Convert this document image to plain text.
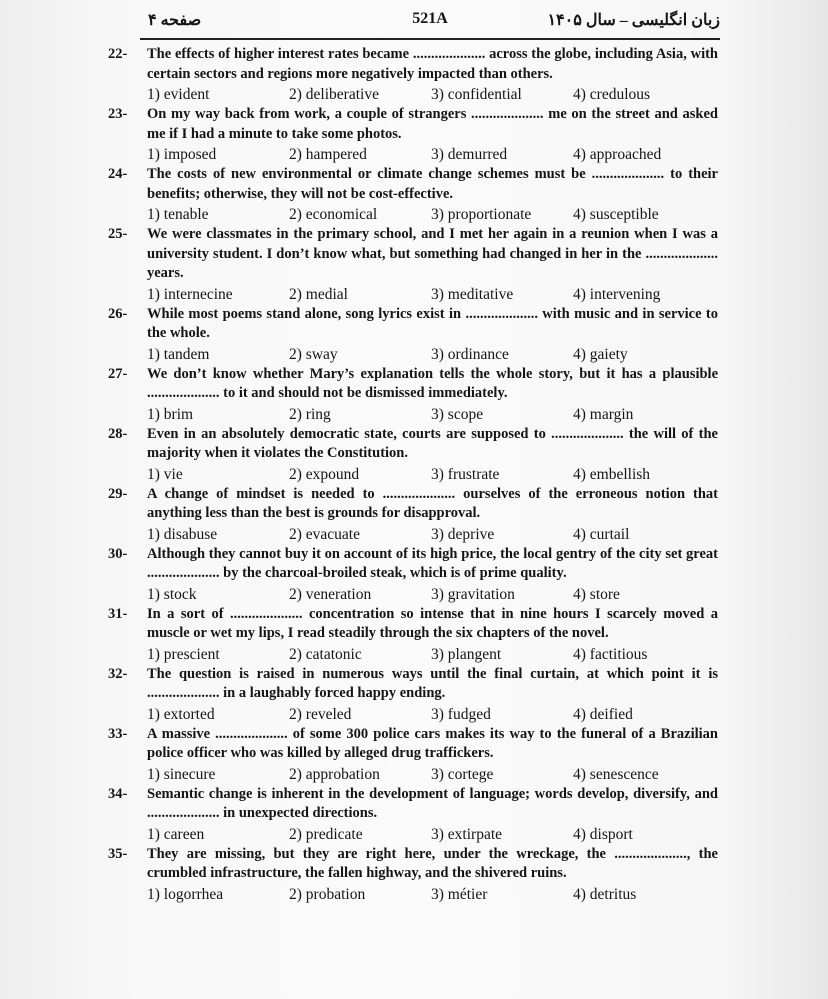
صفحه ۴	521A	زبان انگلیسی – سال ۱۴۰۵
22- The effects of higher interest rates became .................... across the globe, including Asia, with certain sectors and regions more negatively impacted than others.
1) evident	2) deliberative	3) confidential	4) credulous
23- On my way back from work, a couple of strangers .................... me on the street and asked me if I had a minute to take some photos.
1) imposed	2) hampered	3) demurred	4) approached
24- The costs of new environmental or climate change schemes must be .................... to their benefits; otherwise, they will not be cost-effective.
1) tenable	2) economical	3) proportionate	4) susceptible
25- We were classmates in the primary school, and I met her again in a reunion when I was a university student. I don’t know what, but something had changed in her in the .................... years.
1) internecine	2) medial	3) meditative	4) intervening
26- While most poems stand alone, song lyrics exist in .................... with music and in service to the whole.
1) tandem	2) sway	3) ordinance	4) gaiety
27- We don’t know whether Mary’s explanation tells the whole story, but it has a plausible .................... to it and should not be dismissed immediately.
1) brim	2) ring	3) scope	4) margin
28- Even in an absolutely democratic state, courts are supposed to .................... the will of the majority when it violates the Constitution.
1) vie	2) expound	3) frustrate	4) embellish
29- A change of mindset is needed to .................... ourselves of the erroneous notion that anything less than the best is grounds for disapproval.
1) disabuse	2) evacuate	3) deprive	4) curtail
30- Although they cannot buy it on account of its high price, the local gentry of the city set great .................... by the charcoal-broiled steak, which is of prime quality.
1) stock	2) veneration	3) gravitation	4) store
31- In a sort of .................... concentration so intense that in nine hours I scarcely moved a muscle or wet my lips, I read steadily through the six chapters of the novel.
1) prescient	2) catatonic	3) plangent	4) factitious
32- The question is raised in numerous ways until the final curtain, at which point it is .................... in a laughably forced happy ending.
1) extorted	2) reveled	3) fudged	4) deified
33- A massive .................... of some 300 police cars makes its way to the funeral of a Brazilian police officer who was killed by alleged drug traffickers.
1) sinecure	2) approbation	3) cortege	4) senescence
34- Semantic change is inherent in the development of language; words develop, diversify, and .................... in unexpected directions.
1) careen	2) predicate	3) extirpate	4) disport
35- They are missing, but they are right here, under the wreckage, the ...................., the crumbled infrastructure, the fallen highway, and the shivered ruins.
1) logorrhea	2) probation	3) métier	4) detritus
